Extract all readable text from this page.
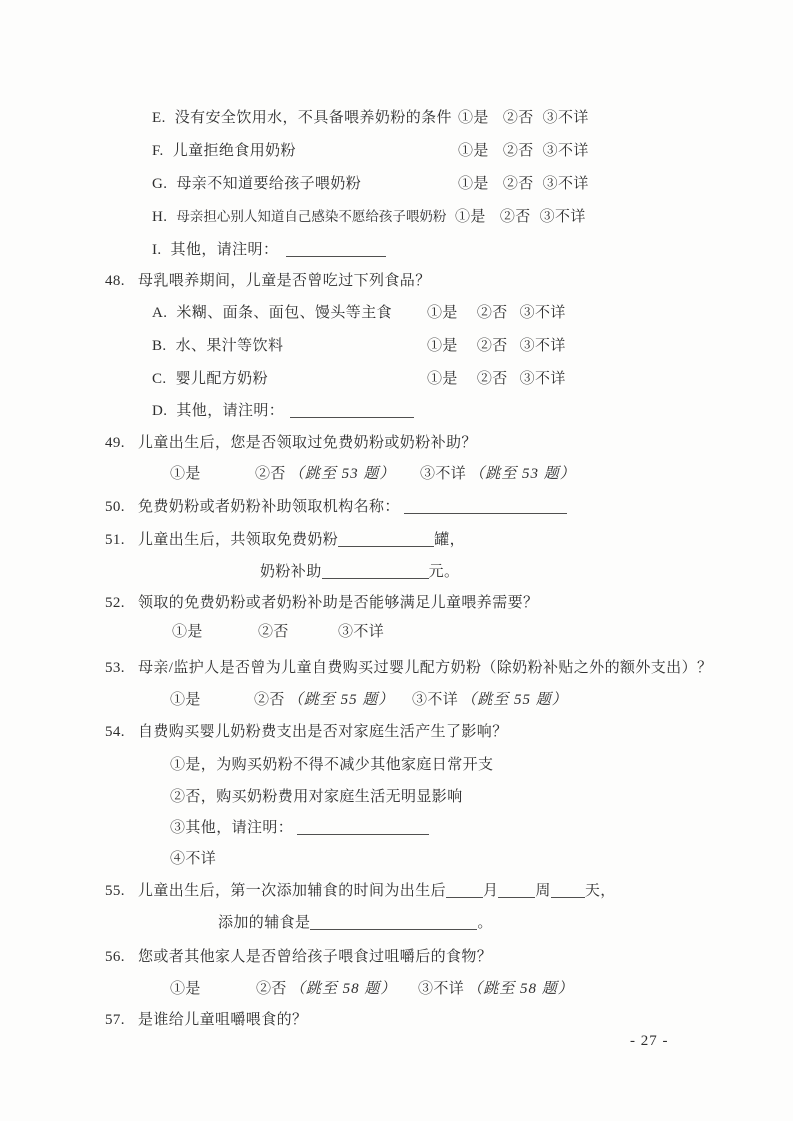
E. 没有安全饮用水，不具备喂养奶粉的条件 ①是 ②否 ③不详
F. 儿童拒绝食用奶粉	①是 ②否 ③不详
G. 母亲不知道要给孩子喂奶粉	①是 ②否 ③不详
H. 母亲担心别人知道自己感染不愿给孩子喂奶粉 ①是 ②否 ③不详
I. 其他，请注明：
48. 母乳喂养期间，儿童是否曾吃过下列食品？
A. 米糊、面条、面包、馒头等主食 ①是 ②否 ③不详
B. 水、果汁等饮料	①是 ②否 ③不详
C. 婴儿配方奶粉	①是 ②否 ③不详
D. 其他，请注明：
49. 儿童出生后，您是否领取过免费奶粉或奶粉补助？
①是	②否 （跳至 53 题） ③不详 （跳至 53 题）
50. 免费奶粉或者奶粉补助领取机构名称：
51. 儿童出生后，共领取免费奶粉	罐，
奶粉补助	元。
52. 领取的免费奶粉或者奶粉补助是否能够满足儿童喂养需要？
①是	②否	③不详
53. 母亲/监护人是否曾为儿童自费购买过婴儿配方奶粉（除奶粉补贴之外的额外支出）？
①是	②否 （跳至 55 题） ③不详 （跳至 55 题）
54. 自费购买婴儿奶粉费支出是否对家庭生活产生了影响？
①是，为购买奶粉不得不减少其他家庭日常开支
②否，购买奶粉费用对家庭生活无明显影响
③其他，请注明：
④不详
55. 儿童出生后，第一次添加辅食的时间为出生后 月 周 天，
添加的辅食是	。
56. 您或者其他家人是否曾给孩子喂食过咀嚼后的食物？
①是	②否 （跳至 58 题） ③不详 （跳至 58 题）
57. 是谁给儿童咀嚼喂食的？
- 27 -
